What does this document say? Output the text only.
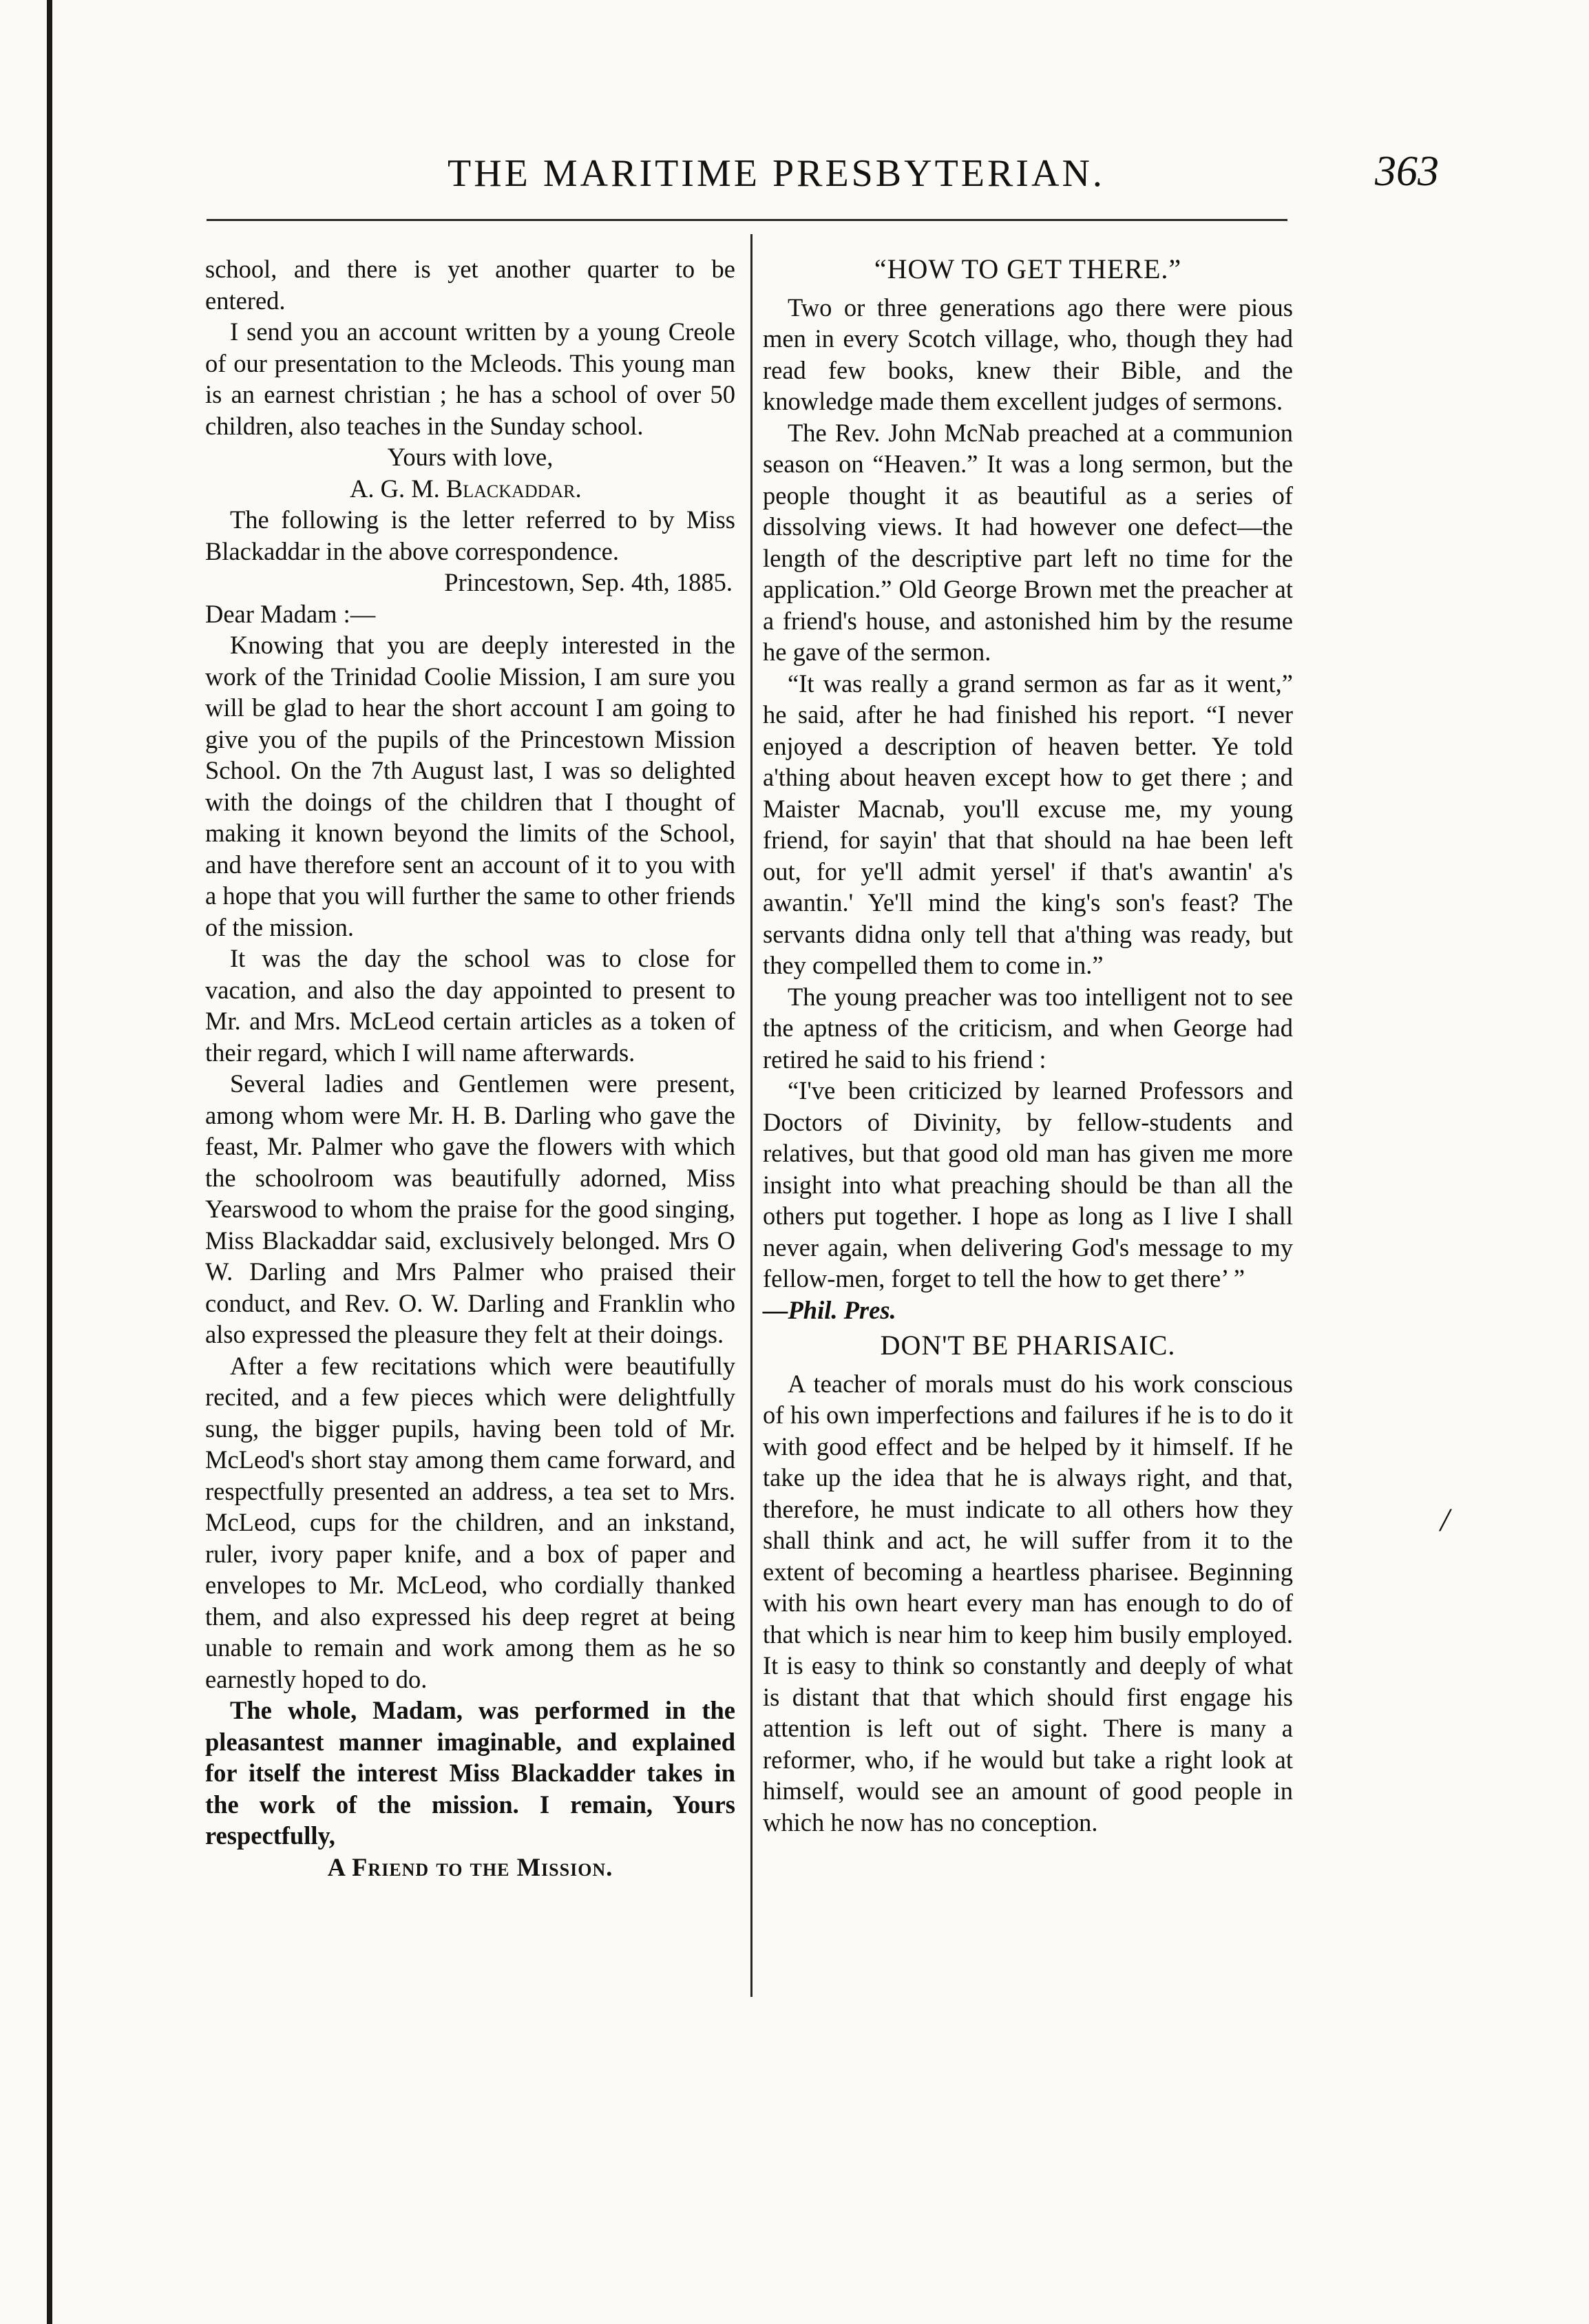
THE MARITIME PRESBYTERIAN.	363

school, and there is yet another quarter to be entered.

I send you an account written by a young Creole of our presentation to the Mcleods. This young man is an earnest christian ; he has a school of over 50 children, also teaches in the Sunday school.

Yours with love,

A. G. M. Blackaddar.

The following is the letter referred to by Miss Blackaddar in the above correspondence.

Princestown, Sep. 4th, 1885.

Dear Madam :—

Knowing that you are deeply interested in the work of the Trinidad Coolie Mission, I am sure you will be glad to hear the short account I am going to give you of the pupils of the Princestown Mission School. On the 7th August last, I was so delighted with the doings of the children that I thought of making it known beyond the limits of the School, and have therefore sent an account of it to you with a hope that you will further the same to other friends of the mission.

It was the day the school was to close for vacation, and also the day appointed to present to Mr. and Mrs. McLeod certain articles as a token of their regard, which I will name afterwards.

Several ladies and Gentlemen were present, among whom were Mr. H. B. Darling who gave the feast, Mr. Palmer who gave the flowers with which the schoolroom was beautifully adorned, Miss Yearswood to whom the praise for the good singing, Miss Blackaddar said, exclusively belonged. Mrs O W. Darling and Mrs Palmer who praised their conduct, and Rev. O. W. Darling and Franklin who also expressed the pleasure they felt at their doings.

After a few recitations which were beautifully recited, and a few pieces which were delightfully sung, the bigger pupils, having been told of Mr. McLeod's short stay among them came forward, and respectfully presented an address, a tea set to Mrs. McLeod, cups for the children, and an inkstand, ruler, ivory paper knife, and a box of paper and envelopes to Mr. McLeod, who cordially thanked them, and also expressed his deep regret at being unable to remain and work among them as he so earnestly hoped to do.

The whole, Madam, was performed in the pleasantest manner imaginable, and explained for itself the interest Miss Blackadder takes in the work of the mission. I remain, Yours respectfully,

A Friend to the Mission.

“HOW TO GET THERE.”

Two or three generations ago there were pious men in every Scotch village, who, though they had read few books, knew their Bible, and the knowledge made them excellent judges of sermons.

The Rev. John McNab preached at a communion season on “Heaven.” It was a long sermon, but the people thought it as beautiful as a series of dissolving views. It had however one defect—the length of the descriptive part left no time for the application.” Old George Brown met the preacher at a friend's house, and astonished him by the resume he gave of the sermon.

“It was really a grand sermon as far as it went,” he said, after he had finished his report. “I never enjoyed a description of heaven better. Ye told a'thing about heaven except how to get there ; and Maister Macnab, you'll excuse me, my young friend, for sayin' that that should na hae been left out, for ye'll admit yersel' if that's awantin' a's awantin.' Ye'll mind the king's son's feast? The servants didna only tell that a'thing was ready, but they compelled them to come in.”

The young preacher was too intelligent not to see the aptness of the criticism, and when George had retired he said to his friend :

“I've been criticized by learned Professors and Doctors of Divinity, by fellow-students and relatives, but that good old man has given me more insight into what preaching should be than all the others put together. I hope as long as I live I shall never again, when delivering God's message to my fellow-men, forget to tell the how to get there’ ”

—Phil. Pres.

DON'T BE PHARISAIC.

A teacher of morals must do his work conscious of his own imperfections and failures if he is to do it with good effect and be helped by it himself. If he take up the idea that he is always right, and that, therefore, he must indicate to all others how they shall think and act, he will suffer from it to the extent of becoming a heartless pharisee. Beginning with his own heart every man has enough to do of that which is near him to keep him busily employed. It is easy to think so constantly and deeply of what is distant that that which should first engage his attention is left out of sight. There is many a reformer, who, if he would but take a right look at himself, would see an amount of good people in which he now has no conception.

/
